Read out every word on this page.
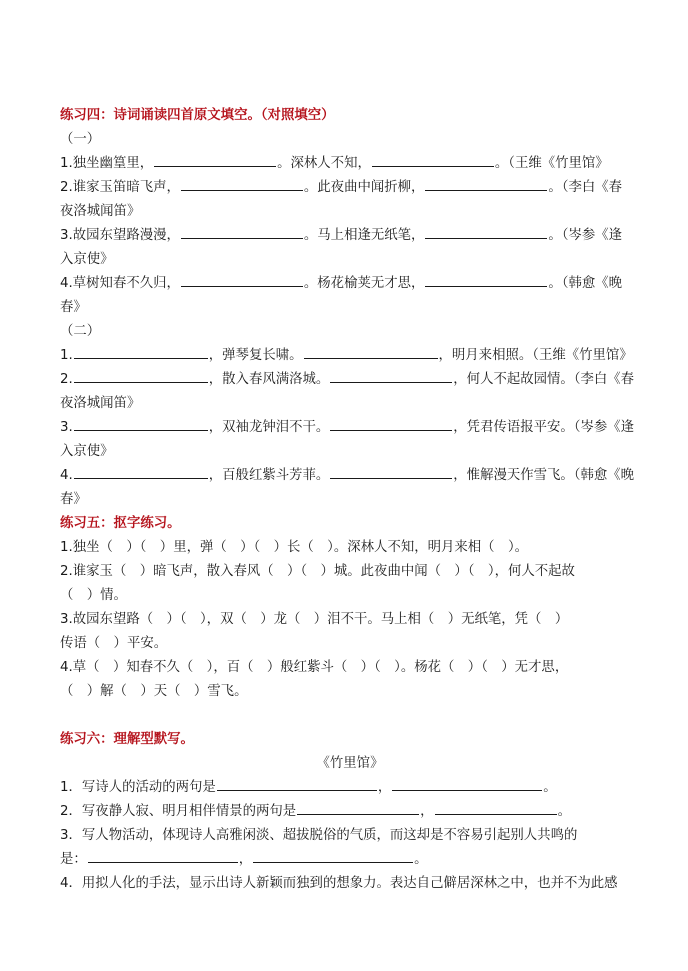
练习四：诗词诵读四首原文填空。（对照填空）
（一）
1.独坐幽篁里，	。深林人不知，	。（王维《竹里馆》
2.谁家玉笛暗飞声，	。此夜曲中闻折柳，	。（李白《春
夜洛城闻笛》
3.故园东望路漫漫，	。马上相逢无纸笔，	。（岑参《逢
入京使》
4.草树知春不久归，	。杨花榆荚无才思，	。（韩愈《晚
春》
（二）
1.	，弹琴复长啸。	，明月来相照。（王维《竹里馆》
2.	，散入春风满洛城。	，何人不起故园情。（李白《春
夜洛城闻笛》
3.	，双袖龙钟泪不干。	，凭君传语报平安。（岑参《逢
入京使》
4.	，百般红紫斗芳菲。	，惟解漫天作雪飞。（韩愈《晚
春》
练习五：抠字练习。
1.独坐（　）（　）里，弹（　）（　）长（　）。深林人不知，明月来相（　）。
2.谁家玉（　）暗飞声，散入春风（　）（　）城。此夜曲中闻（　）（　），何人不起故
（　）情。
3.故园东望路（　）（　），双（　）龙（　）泪不干。马上相（　）无纸笔，凭（　）
传语（　）平安。
4.草（　）知春不久（　），百（　）般红紫斗（　）（　）。杨花（　）（　）无才思，
（　）解（　）天（　）雪飞。
练习六：理解型默写。
《竹里馆》
1．写诗人的活动的两句是	，	。
2．写夜静人寂、明月相伴情景的两句是	，	。
3．写人物活动，体现诗人高雅闲淡、超拔脱俗的气质，而这却是不容易引起别人共鸣的
是：	，	。
4．用拟人化的手法，显示出诗人新颖而独到的想象力。表达自己僻居深林之中，也并不为此感
